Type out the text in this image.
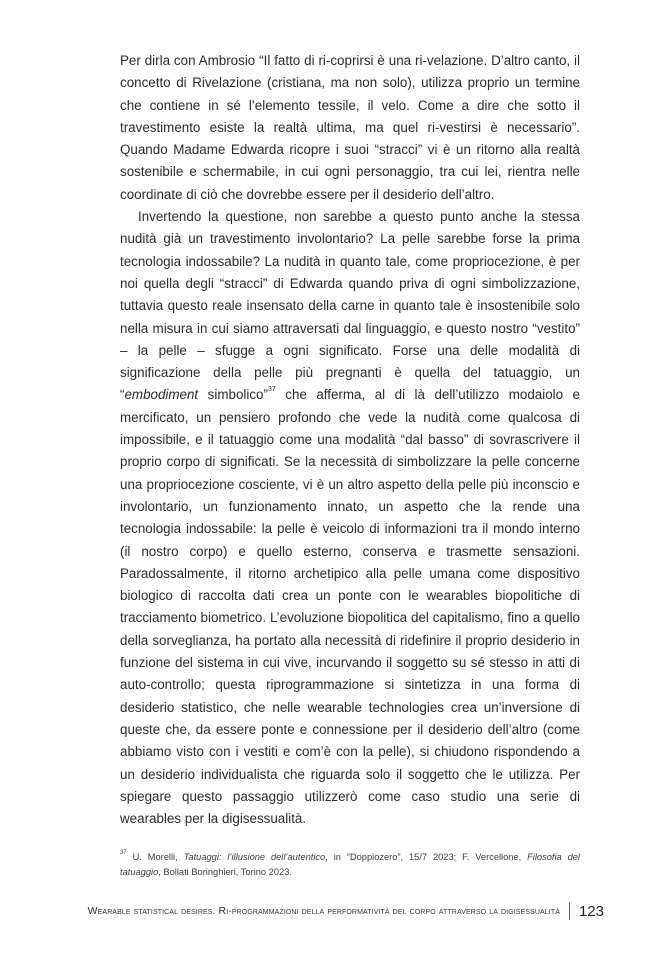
Per dirla con Ambrosio “Il fatto di ri-coprirsi è una ri-velazione. D’altro canto, il concetto di Rivelazione (cristiana, ma non solo), utilizza proprio un termine che contiene in sé l’elemento tessile, il velo. Come a dire che sotto il travestimento esiste la realtà ultima, ma quel ri-vestirsi è necessario”. Quando Madame Edwarda ricopre i suoi “stracci” vi è un ritorno alla realtà sostenibile e schermabile, in cui ogni personaggio, tra cui lei, rientra nelle coordinate di ciò che dovrebbe essere per il desiderio dell’altro.

Invertendo la questione, non sarebbe a questo punto anche la stessa nudità già un travestimento involontario? La pelle sarebbe forse la prima tecnologia indossabile? La nudità in quanto tale, come propriocezione, è per noi quella degli “stracci” di Edwarda quando priva di ogni simbolizzazione, tuttavia questo reale insensato della carne in quanto tale è insostenibile solo nella misura in cui siamo attraversati dal linguaggio, e questo nostro “vestito” – la pelle – sfugge a ogni significato. Forse una delle modalità di significazione della pelle più pregnanti è quella del tatuaggio, un “embodiment simbolico”$^{37}$ che afferma, al di là dell’utilizzo modaiolo e mercificato, un pensiero profondo che vede la nudità come qualcosa di impossibile, e il tatuaggio come una modalità “dal basso” di sovrascrivere il proprio corpo di significati. Se la necessità di simbolizzare la pelle concerne una propriocezione cosciente, vi è un altro aspetto della pelle più inconscio e involontario, un funzionamento innato, un aspetto che la rende una tecnologia indossabile: la pelle è veicolo di informazioni tra il mondo interno (il nostro corpo) e quello esterno, conserva e trasmette sensazioni. Paradossalmente, il ritorno archetipico alla pelle umana come dispositivo biologico di raccolta dati crea un ponte con le wearables biopolitiche di tracciamento biometrico. L’evoluzione biopolitica del capitalismo, fino a quello della sorveglianza, ha portato alla necessità di ridefinire il proprio desiderio in funzione del sistema in cui vive, incurvando il soggetto su sé stesso in atti di auto-controllo; questa riprogrammazione si sintetizza in una forma di desiderio statistico, che nelle wearable technologies crea un’inversione di queste che, da essere ponte e connessione per il desiderio dell’altro (come abbiamo visto con i vestiti e com’è con la pelle), si chiudono rispondendo a un desiderio individualista che riguarda solo il soggetto che le utilizza. Per spiegare questo passaggio utilizzerò come caso studio una serie di wearables per la digisessualità.

$^{37}$ U. Morelli, Tatuaggi: l’illusione dell’autentico, in “Doppiozero”, 15/7 2023; F. Vercellone, Filosofia del tatuaggio, Bollati Boringhieri, Torino 2023.
Wearable statistical desires. Ri-programmazioni della performatività del corpo attraverso la digisessualità 123
